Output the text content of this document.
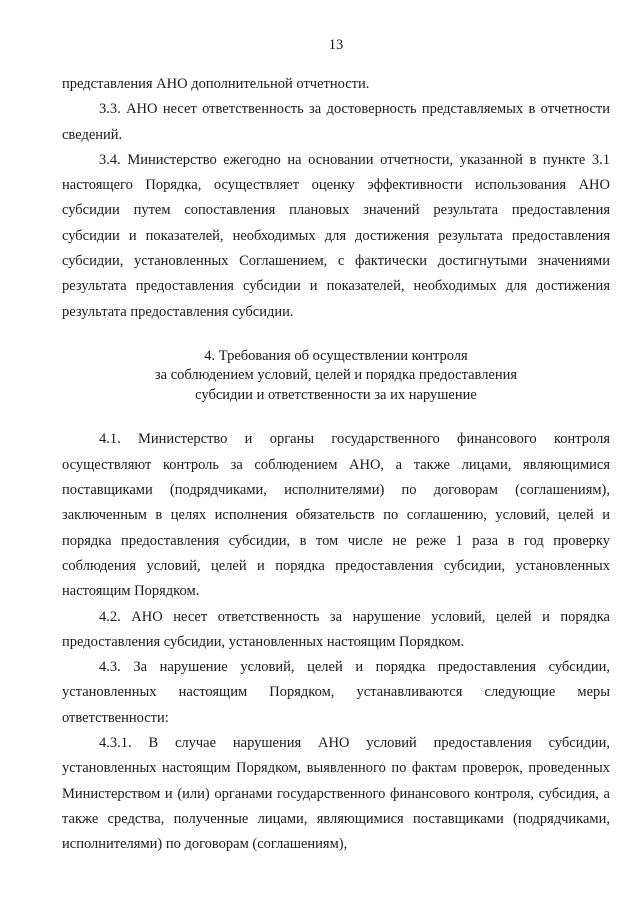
13

представления АНО дополнительной отчетности.

3.3. АНО несет ответственность за достоверность представляемых в отчетности сведений.

3.4. Министерство ежегодно на основании отчетности, указанной в пункте 3.1 настоящего Порядка, осуществляет оценку эффективности использования АНО субсидии путем сопоставления плановых значений результата предоставления субсидии и показателей, необходимых для достижения результата предоставления субсидии, установленных Соглашением, с фактически достигнутыми значениями результата предоставления субсидии и показателей, необходимых для достижения результата предоставления субсидии.

4. Требования об осуществлении контроля
за соблюдением условий, целей и порядка предоставления
субсидии и ответственности за их нарушение

4.1. Министерство и органы государственного финансового контроля осуществляют контроль за соблюдением АНО, а также лицами, являющимися поставщиками (подрядчиками, исполнителями) по договорам (соглашениям), заключенным в целях исполнения обязательств по соглашению, условий, целей и порядка предоставления субсидии, в том числе не реже 1 раза в год проверку соблюдения условий, целей и порядка предоставления субсидии, установленных настоящим Порядком.

4.2. АНО несет ответственность за нарушение условий, целей и порядка предоставления субсидии, установленных настоящим Порядком.

4.3. За нарушение условий, целей и порядка предоставления субсидии, установленных настоящим Порядком, устанавливаются следующие меры ответственности:

4.3.1. В случае нарушения АНО условий предоставления субсидии, установленных настоящим Порядком, выявленного по фактам проверок, проведенных Министерством и (или) органами государственного финансового контроля, субсидия, а также средства, полученные лицами, являющимися поставщиками (подрядчиками, исполнителями) по договорам (соглашениям),
